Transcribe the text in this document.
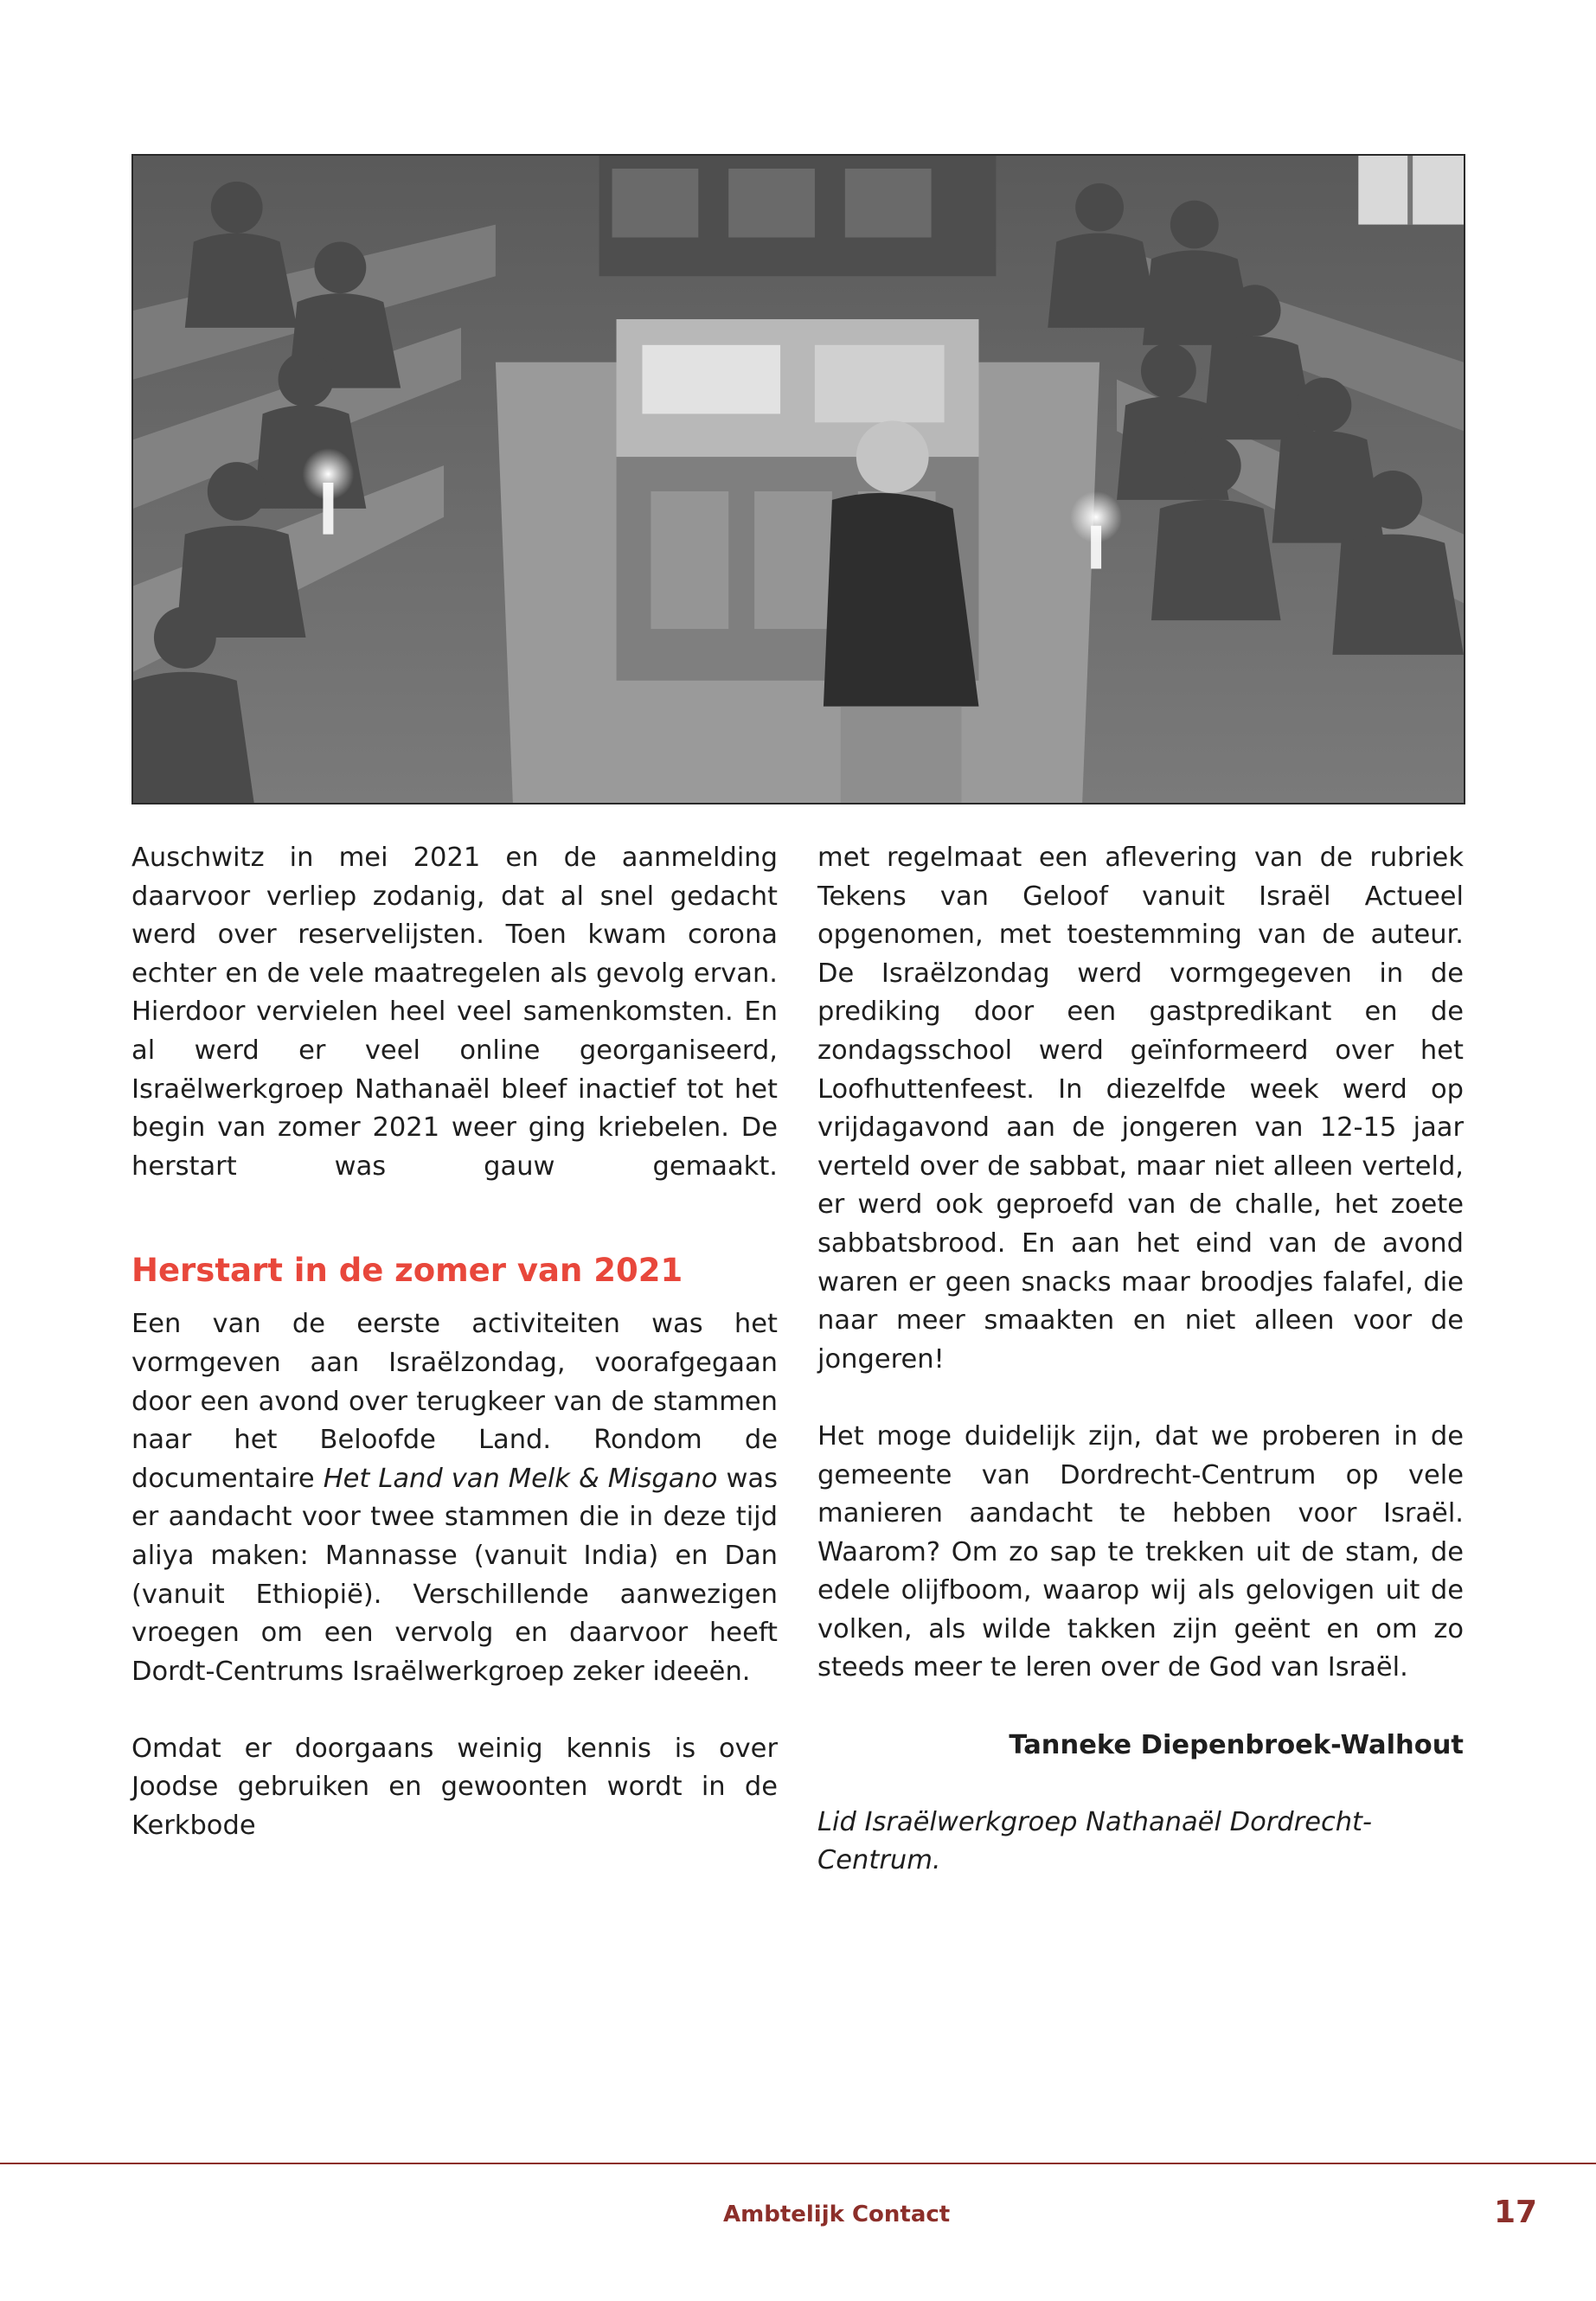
Auschwitz in mei 2021 en de aanmelding daarvoor verliep zodanig, dat al snel gedacht werd over reservelijsten. Toen kwam corona echter en de vele maatregelen als gevolg ervan. Hierdoor vervielen heel veel samenkomsten. En al werd er veel online georganiseerd, Israëlwerkgroep Nathanaël bleef inactief tot het begin van zomer 2021 weer ging kriebelen. De herstart was gauw gemaakt.

Herstart in de zomer van 2021

Een van de eerste activiteiten was het vormgeven aan Israëlzondag, voorafgegaan door een avond over terugkeer van de stammen naar het Beloofde Land. Rondom de documentaire Het Land van Melk & Misgano was er aandacht voor twee stammen die in deze tijd aliya maken: Mannasse (vanuit India) en Dan (vanuit Ethiopië). Verschillende aanwezigen vroegen om een vervolg en daarvoor heeft Dordt-Centrums Israëlwerkgroep zeker ideeën.

Omdat er doorgaans weinig kennis is over Joodse gebruiken en gewoonten wordt in de Kerkbode

met regelmaat een aflevering van de rubriek Tekens van Geloof vanuit Israël Actueel opgenomen, met toestemming van de auteur. De Israëlzondag werd vormgegeven in de prediking door een gastpredikant en de zondagsschool werd geïnformeerd over het Loofhuttenfeest. In diezelfde week werd op vrijdagavond aan de jongeren van 12-15 jaar verteld over de sabbat, maar niet alleen verteld, er werd ook geproefd van de challe, het zoete sabbatsbrood. En aan het eind van de avond waren er geen snacks maar broodjes falafel, die naar meer smaakten en niet alleen voor de jongeren!

Het moge duidelijk zijn, dat we proberen in de gemeente van Dordrecht-Centrum op vele manieren aandacht te hebben voor Israël. Waarom? Om zo sap te trekken uit de stam, de edele olijfboom, waarop wij als gelovigen uit de volken, als wilde takken zijn geënt en om zo steeds meer te leren over de God van Israël.

Tanneke Diepenbroek-Walhout

Lid Israëlwerkgroep Nathanaël Dordrecht-Centrum.

Ambtelijk Contact	17
